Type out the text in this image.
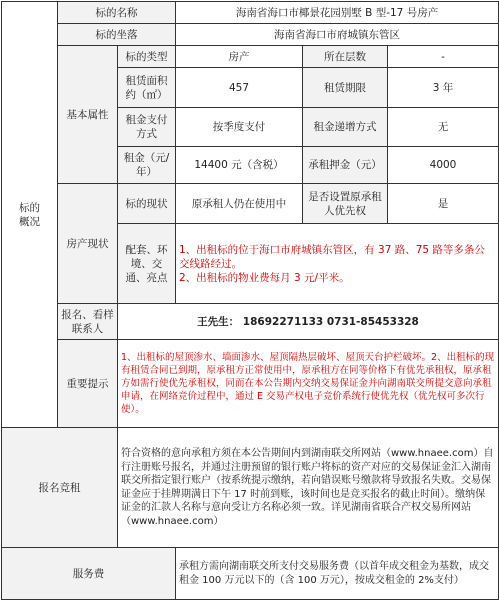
标的
概况	标的名称		海南省海口市椰景花园别墅 B 型-17 号房产		
	标的坐落		海南省海口市府城镇东管区		
	基本属性	标的类型	房产	所在层数	-
		租赁面积约（㎡）	457	租赁期限	3 年
		租金支付方式	按季度支付	租金递增方式	无
		租金（元/年）	14400 元（含税）	承租押金（元）	4000
	房产现状	标的现状	原承租人仍在使用中	是否设置原承租人优先权	是
		配套、环境、交通、亮点	1、出租标的位于海口市府城镇东管区，有 37 路、75 路等多条公交线路经过。
2、出租标的物业费每月 3 元/平米。		

	报名、看样联系人	王先生： 18692271133 0731-85453328			
	重要提示	1、出租标的屋顶渗水、墙面渗水、屋顶隔热层破坏、屋顶天台护栏破坏。2、出租标的现有租赁合同已到期，原承租方正常使用中，原承租方在同等价格下有优先承租权，原承租方如需行使优先承租权，同而在本公告期内交纳交易保证金并向湖南联交所提交意向承租申请，在网络竞价过程中，通过 E 交易产权电子竞价系统行使优先权（优先权可多次行使）。			
报名竞租		符合资格的意向承租方须在本公告期间内到湖南联交所网站（www.hnaee.com）自行注册账号报名，并通过注册预留的银行账户将标的资产对应的交易保证金汇入湖南联交所指定银行账户（按系统提示缴纳，若向错误账号缴款将导致报名失败。交易保证金应于挂牌期满日下午 17 时前到账，该时间也是竞买报名的截止时间）。缴纳保证金的汇款人名称与意向受让方名称必须一致。详见湖南省联合产权交易所网站（www.hnaee.com）			
服务费			承租方需向湖南联交所支付交易服务费（以首年成交租金为基数，成交租金 100 万元以下的（含 100 万元），按成交租金的 2%支付）		
